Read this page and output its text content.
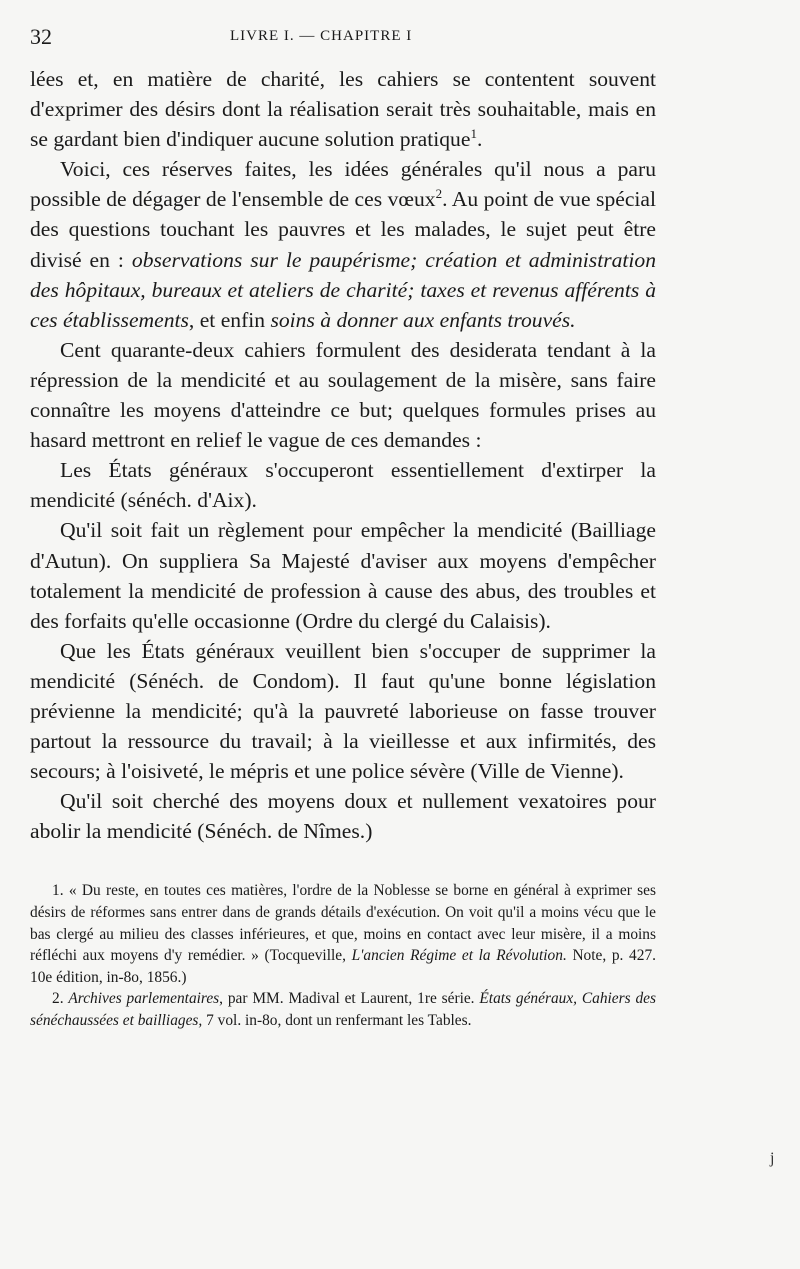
32	LIVRE I. — CHAPITRE I

lées et, en matière de charité, les cahiers se contentent souvent d'exprimer des désirs dont la réalisation serait très souhaitable, mais en se gardant bien d'indiquer aucune solution pratique$^1$.

Voici, ces réserves faites, les idées générales qu'il nous a paru possible de dégager de l'ensemble de ces vœux$^2$. Au point de vue spécial des questions touchant les pauvres et les malades, le sujet peut être divisé en : observations sur le paupérisme; création et administration des hôpitaux, bureaux et ateliers de charité; taxes et revenus afférents à ces établissements, et enfin soins à donner aux enfants trouvés.

Cent quarante-deux cahiers formulent des desiderata tendant à la répression de la mendicité et au soulagement de la misère, sans faire connaître les moyens d'atteindre ce but; quelques formules prises au hasard mettront en relief le vague de ces demandes :

Les États généraux s'occuperont essentiellement d'extirper la mendicité (sénéch. d'Aix).

Qu'il soit fait un règlement pour empêcher la mendicité (Bailliage d'Autun). On suppliera Sa Majesté d'aviser aux moyens d'empêcher totalement la mendicité de profession à cause des abus, des troubles et des forfaits qu'elle occasionne (Ordre du clergé du Calaisis).

Que les États généraux veuillent bien s'occuper de supprimer la mendicité (Sénéch. de Condom). Il faut qu'une bonne législation prévienne la mendicité; qu'à la pauvreté laborieuse on fasse trouver partout la ressource du travail; à la vieillesse et aux infirmités, des secours; à l'oisiveté, le mépris et une police sévère (Ville de Vienne).

Qu'il soit cherché des moyens doux et nullement vexatoires pour abolir la mendicité (Sénéch. de Nîmes.)

1. « Du reste, en toutes ces matières, l'ordre de la Noblesse se borne en général à exprimer ses désirs de réformes sans entrer dans de grands détails d'exécution. On voit qu'il a moins vécu que le bas clergé au milieu des classes inférieures, et que, moins en contact avec leur misère, il a moins réfléchi aux moyens d'y remédier. » (Tocqueville, L'ancien Régime et la Révolution. Note, p. 427. 10e édition, in-8o, 1856.)

2. Archives parlementaires, par MM. Madival et Laurent, 1re série. États généraux, Cahiers des sénéchaussées et bailliages, 7 vol. in-8o, dont un renfermant les Tables.

j
